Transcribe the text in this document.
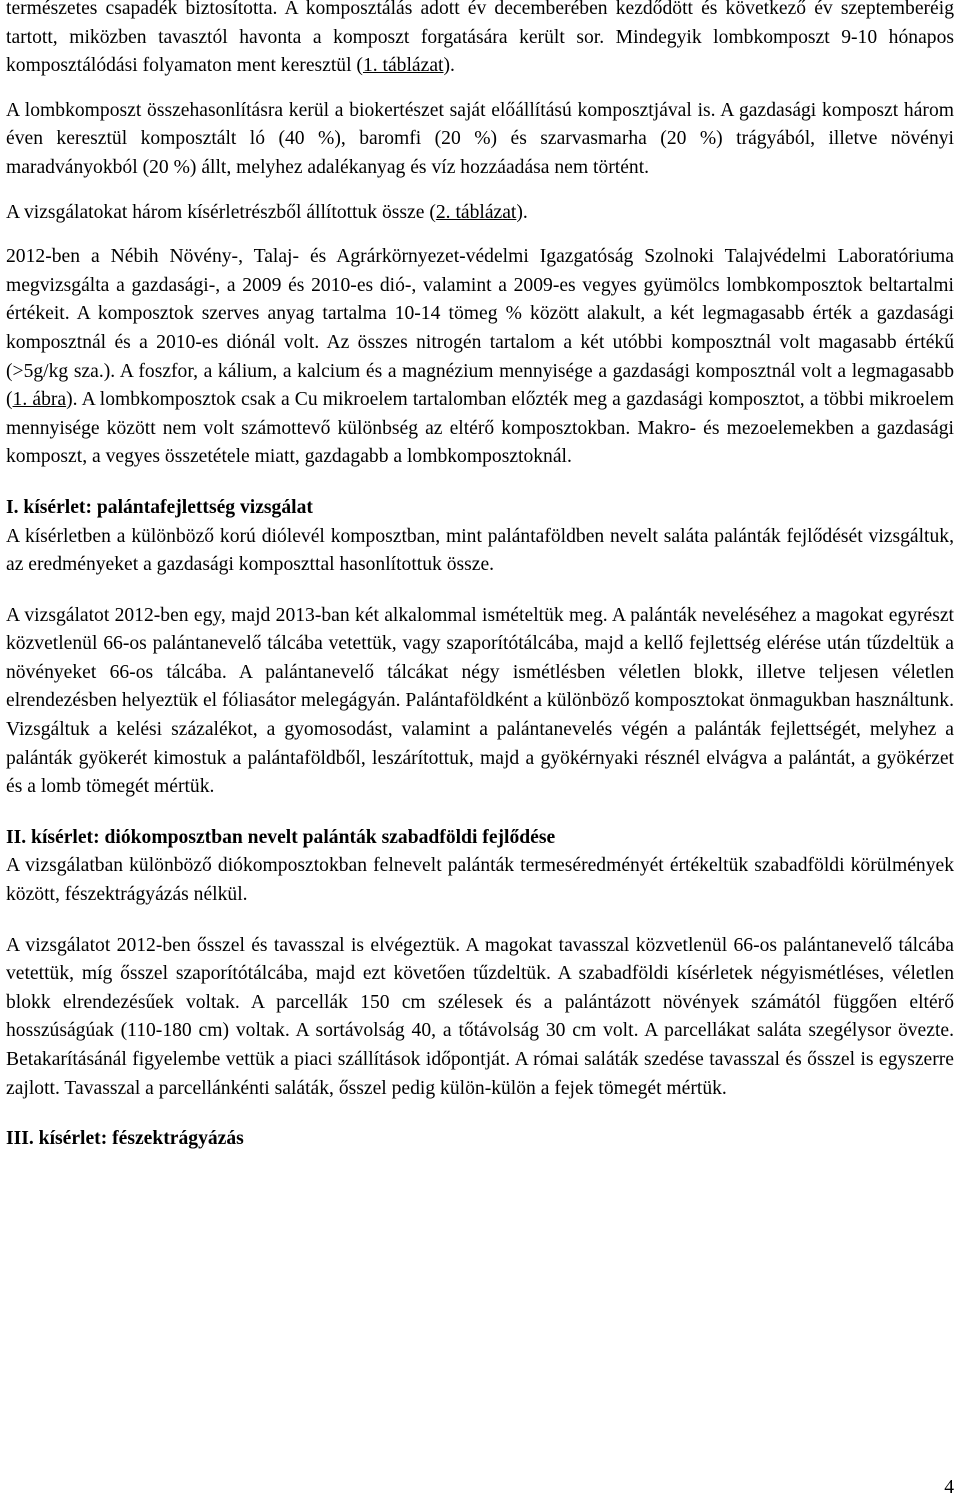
természetes csapadék biztosította. A komposztálás adott év decemberében kezdődött és következő év szeptemberéig tartott, miközben tavasztól havonta a komposzt forgatására került sor. Mindegyik lombkomposzt 9-10 hónapos komposztálódási folyamaton ment keresztül (1. táblázat).

A lombkomposzt összehasonlításra kerül a biokertészet saját előállítású komposztjával is. A gazdasági komposzt három éven keresztül komposztált ló (40 %), baromfi (20 %) és szarvasmarha (20 %) trágyából, illetve növényi maradványokból (20 %) állt, melyhez adalékanyag és víz hozzáadása nem történt.

A vizsgálatokat három kísérletrészből állítottuk össze (2. táblázat).

2012-ben a Nébih Növény-, Talaj- és Agrárkörnyezet-védelmi Igazgatóság Szolnoki Talajvédelmi Laboratóriuma megvizsgálta a gazdasági-, a 2009 és 2010-es dió-, valamint a 2009-es vegyes gyümölcs lombkomposztok beltartalmi értékeit. A komposztok szerves anyag tartalma 10-14 tömeg % között alakult, a két legmagasabb érték a gazdasági komposztnál és a 2010-es diónál volt. Az összes nitrogén tartalom a két utóbbi komposztnál volt magasabb értékű (>5g/kg sza.). A foszfor, a kálium, a kalcium és a magnézium mennyisége a gazdasági komposztnál volt a legmagasabb (1. ábra). A lombkomposztok csak a Cu mikroelem tartalomban előzték meg a gazdasági komposztot, a többi mikroelem mennyisége között nem volt számottevő különbség az eltérő komposztokban. Makro- és mezoelemekben a gazdasági komposzt, a vegyes összetétele miatt, gazdagabb a lombkomposztoknál.

I. kísérlet: palántafejlettség vizsgálat

A kísérletben a különböző korú diólevél komposztban, mint palántaföldben nevelt saláta palánták fejlődését vizsgáltuk, az eredményeket a gazdasági komposzttal hasonlítottuk össze.

A vizsgálatot 2012-ben egy, majd 2013-ban két alkalommal ismételtük meg. A palánták neveléséhez a magokat egyrészt közvetlenül 66-os palántanevelő tálcába vetettük, vagy szaporítótálcába, majd a kellő fejlettség elérése után tűzdeltük a növényeket 66-os tálcába. A palántanevelő tálcákat négy ismétlésben véletlen blokk, illetve teljesen véletlen elrendezésben helyeztük el fóliasátor melegágyán. Palántaföldként a különböző komposztokat önmagukban használtunk. Vizsgáltuk a kelési százalékot, a gyomosodást, valamint a palántanevelés végén a palánták fejlettségét, melyhez a palánták gyökerét kimostuk a palántaföldből, leszárítottuk, majd a gyökérnyaki résznél elvágva a palántát, a gyökérzet és a lomb tömegét mértük.

II. kísérlet: diókomposztban nevelt palánták szabadföldi fejlődése

A vizsgálatban különböző diókomposztokban felnevelt palánták termeséredményét értékeltük szabadföldi körülmények között, fészektrágyázás nélkül.

A vizsgálatot 2012-ben ősszel és tavasszal is elvégeztük. A magokat tavasszal közvetlenül 66-os palántanevelő tálcába vetettük, míg ősszel szaporítótálcába, majd ezt követően tűzdeltük. A szabadföldi kísérletek négyismétléses, véletlen blokk elrendezésűek voltak. A parcellák 150 cm szélesek és a palántázott növények számától függően eltérő hosszúságúak (110-180 cm) voltak. A sortávolság 40, a tőtávolság 30 cm volt. A parcellákat saláta szegélysor övezte. Betakarításánál figyelembe vettük a piaci szállítások időpontját. A római saláták szedése tavasszal és ősszel is egyszerre zajlott. Tavasszal a parcellánkénti saláták, ősszel pedig külön-külön a fejek tömegét mértük.

III. kísérlet: fészektrágyázás

4
